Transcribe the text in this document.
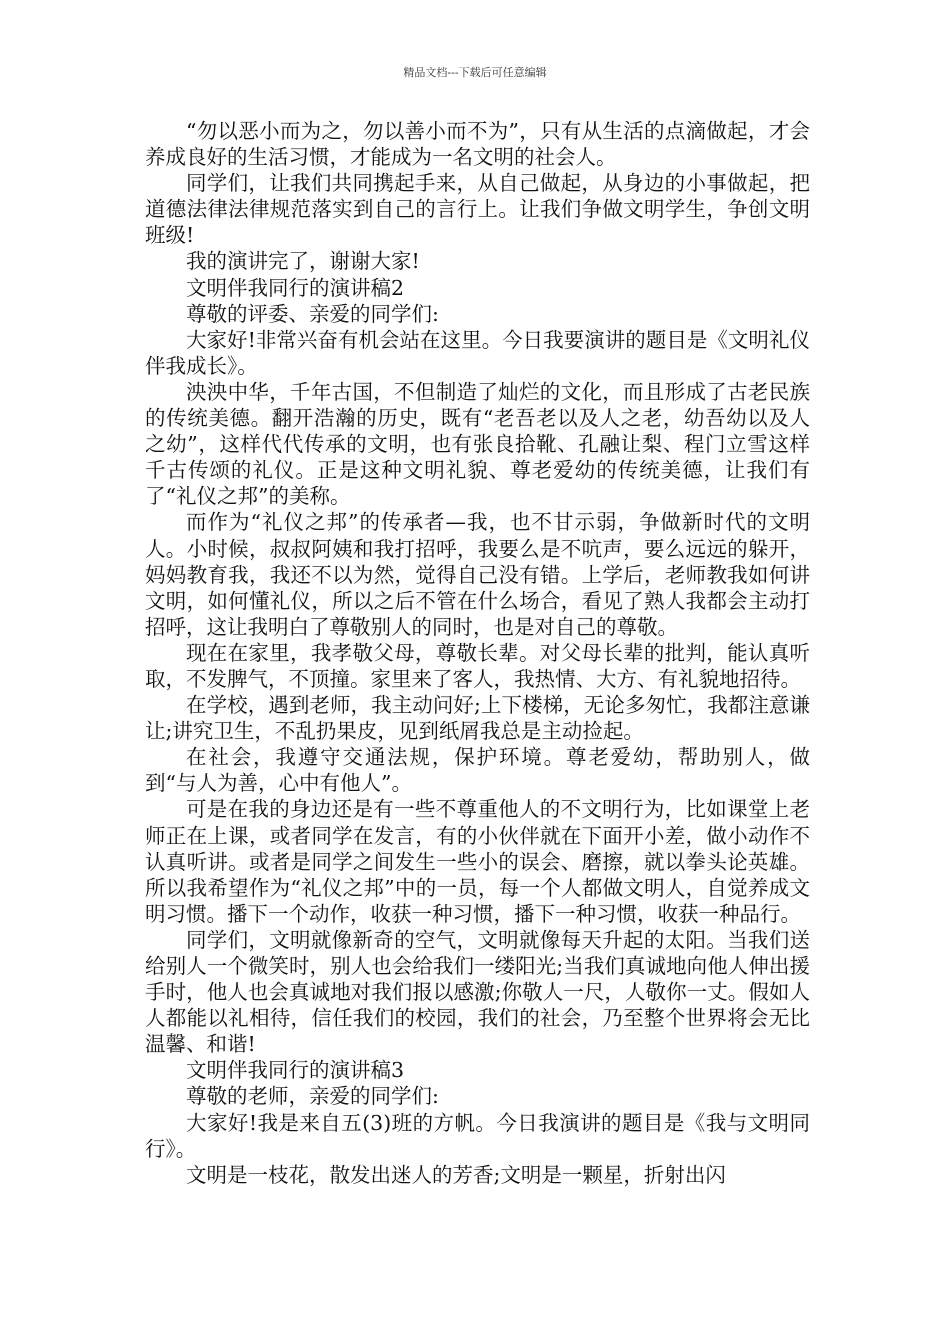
精品文档---下载后可任意编辑

“勿以恶小而为之，勿以善小而不为”，只有从生活的点滴做起，才会养成良好的生活习惯，才能成为一名文明的社会人。

同学们，让我们共同携起手来，从自己做起，从身边的小事做起，把道德法律法律规范落实到自己的言行上。让我们争做文明学生，争创文明班级!

我的演讲完了，谢谢大家!

文明伴我同行的演讲稿2

尊敬的评委、亲爱的同学们:

大家好!非常兴奋有机会站在这里。今日我要演讲的题目是《文明礼仪伴我成长》。

泱泱中华，千年古国，不但制造了灿烂的文化，而且形成了古老民族的传统美德。翻开浩瀚的历史，既有“老吾老以及人之老，幼吾幼以及人之幼”，这样代代传承的文明，也有张良拾靴、孔融让梨、程门立雪这样千古传颂的礼仪。正是这种文明礼貌、尊老爱幼的传统美德，让我们有了“礼仪之邦”的美称。

而作为“礼仪之邦”的传承者—我，也不甘示弱，争做新时代的文明人。小时候，叔叔阿姨和我打招呼，我要么是不吭声，要么远远的躲开，妈妈教育我，我还不以为然，觉得自己没有错。上学后，老师教我如何讲文明，如何懂礼仪，所以之后不管在什么场合，看见了熟人我都会主动打招呼，这让我明白了尊敬别人的同时，也是对自己的尊敬。

现在在家里，我孝敬父母，尊敬长辈。对父母长辈的批判，能认真听取，不发脾气，不顶撞。家里来了客人，我热情、大方、有礼貌地招待。

在学校，遇到老师，我主动问好;上下楼梯，无论多匆忙，我都注意谦让;讲究卫生，不乱扔果皮，见到纸屑我总是主动捡起。

在社会，我遵守交通法规，保护环境。尊老爱幼，帮助别人，做到“与人为善，心中有他人”。

可是在我的身边还是有一些不尊重他人的不文明行为，比如课堂上老师正在上课，或者同学在发言，有的小伙伴就在下面开小差，做小动作不认真听讲。或者是同学之间发生一些小的误会、磨擦，就以拳头论英雄。所以我希望作为“礼仪之邦”中的一员，每一个人都做文明人，自觉养成文明习惯。播下一个动作，收获一种习惯，播下一种习惯，收获一种品行。

同学们，文明就像新奇的空气，文明就像每天升起的太阳。当我们送给别人一个微笑时，别人也会给我们一缕阳光;当我们真诚地向他人伸出援手时，他人也会真诚地对我们报以感激;你敬人一尺，人敬你一丈。假如人人都能以礼相待，信任我们的校园，我们的社会，乃至整个世界将会无比温馨、和谐!

文明伴我同行的演讲稿3

尊敬的老师，亲爱的同学们:

大家好!我是来自五(3)班的方帆。今日我演讲的题目是《我与文明同行》。

文明是一枝花，散发出迷人的芳香;文明是一颗星，折射出闪
